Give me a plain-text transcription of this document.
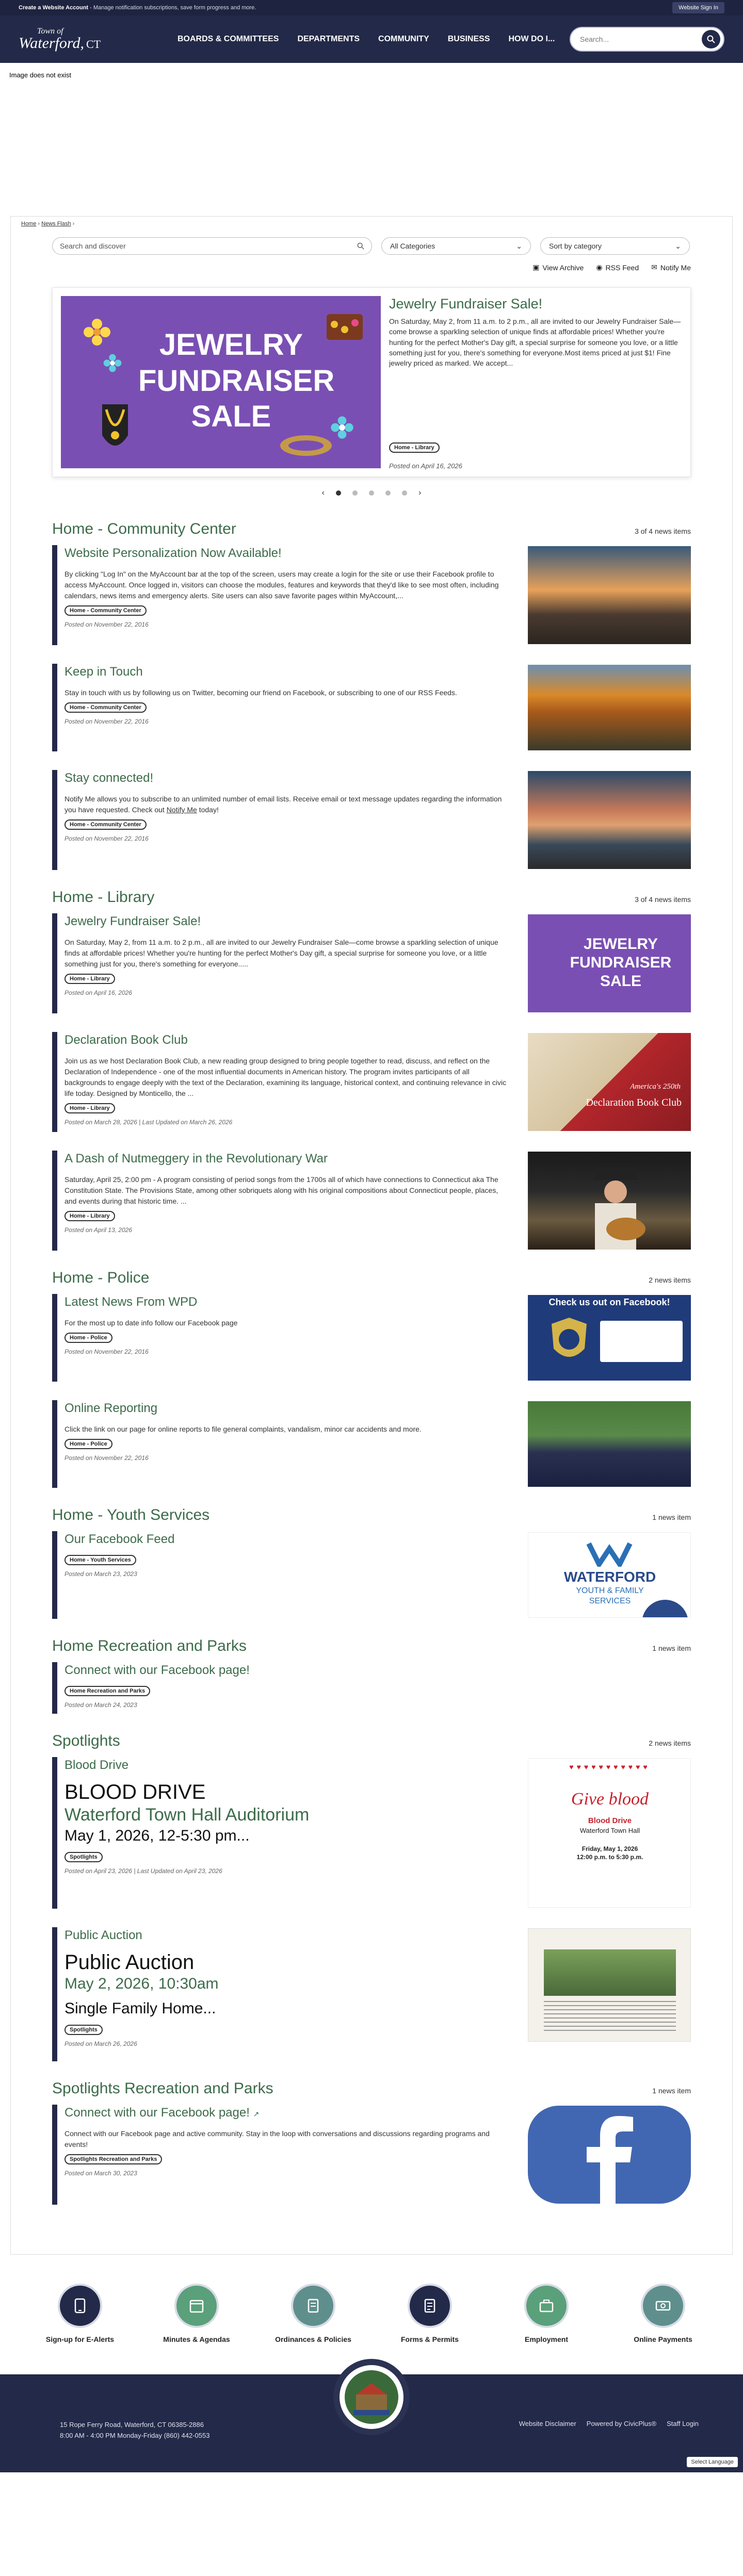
Create a Website Account - Manage notification subscriptions, save form progress and more.	Website Sign In
Town of
Waterford, CT	BOARDS & COMMITTEES	DEPARTMENTS	COMMUNITY	BUSINESS	HOW DO I...
Search...
Image does not exist
Home › News Flash ›
Search and discover	All Categories	⌄	Sort by category	⌄
▣ View Archive ◉ RSS Feed ✉ Notify Me
JEWELRY FUNDRAISER SALE
Jewelry Fundraiser Sale!
On Saturday, May 2, from 11 a.m. to 2 p.m., all are invited to our Jewelry Fundraiser Sale—come browse a sparkling selection of unique finds at affordable prices! Whether you're hunting for the perfect Mother's Day gift, a special surprise for someone you love, or a little something just for you, there's something for everyone.Most items priced at just $1! Fine jewelry priced as marked. We accept...
Home - Library
Posted on April 16, 2026
‹	›
Home - Community Center	3 of 4 news items
Website Personalization Now Available!
By clicking "Log In" on the MyAccount bar at the top of the screen, users may create a login for the site or use their Facebook profile to access MyAccount. Once logged in, visitors can choose the modules, features and keywords that they'd like to see most often, including calendars, news items and emergency alerts. Site users can also save favorite pages within MyAccount,...
Home - Community Center
Posted on November 22, 2016
Keep in Touch
Stay in touch with us by following us on Twitter, becoming our friend on Facebook, or subscribing to one of our RSS Feeds.
Home - Community Center
Posted on November 22, 2016
Stay connected!
Notify Me allows you to subscribe to an unlimited number of email lists. Receive email or text message updates regarding the information you have requested. Check out Notify Me today!
Home - Community Center
Posted on November 22, 2016
Home - Library	3 of 4 news items
Jewelry Fundraiser Sale!
On Saturday, May 2, from 11 a.m. to 2 p.m., all are invited to our Jewelry Fundraiser Sale—come browse a sparkling selection of unique finds at affordable prices! Whether you're hunting for the perfect Mother's Day gift, a special surprise for someone you love, or a little something just for you, there's something for everyone.....
Home - Library
Posted on April 16, 2026
JEWELRY FUNDRAISER SALE
Declaration Book Club
Join us as we host Declaration Book Club, a new reading group designed to bring people together to read, discuss, and reflect on the Declaration of Independence - one of the most influential documents in American history. The program invites participants of all backgrounds to engage deeply with the text of the Declaration, examining its language, historical context, and continuing relevance in civic life today. Designed by Monticello, the ...
Home - Library
Posted on March 28, 2026 | Last Updated on March 26, 2026
America's 250th
Declaration Book Club
A Dash of Nutmeggery in the Revolutionary War
Saturday, April 25, 2:00 pm - A program consisting of period songs from the 1700s all of which have connections to Connecticut aka The Constitution State. The Provisions State, among other sobriquets along with his original compositions about Connecticut people, places, and events during that historic time. ...
Home - Library
Posted on April 13, 2026
Home - Police	2 news items
Latest News From WPD
For the most up to date info follow our Facebook page
Home - Police
Posted on November 22, 2016
Check us out on Facebook!
Online Reporting
Click the link on our page for online reports to file general complaints, vandalism, minor car accidents and more.
Home - Police
Posted on November 22, 2016
Home - Youth Services	1 news item
Our Facebook Feed
Home - Youth Services
Posted on March 23, 2023	WATERFORD
YOUTH & FAMILY
SERVICES
Home Recreation and Parks	1 news item
Connect with our Facebook page!
Home Recreation and Parks
Posted on March 24, 2023
Spotlights	2 news items
Blood Drive
BLOOD DRIVE
Waterford Town Hall Auditorium
May 1, 2026, 12-5:30 pm...
Spotlights
Posted on April 23, 2026 | Last Updated on April 23, 2026
♥♥♥♥♥♥♥♥♥♥♥
Give blood
Blood Drive
Waterford Town Hall
Friday, May 1, 2026
12:00 p.m. to 5:30 p.m.
Public Auction
Public Auction
May 2, 2026, 10:30am
Single Family Home...
Spotlights
Posted on March 26, 2026
Spotlights Recreation and Parks	1 news item
Connect with our Facebook page! ↗
Connect with our Facebook page and active community. Stay in the loop with conversations and discussions regarding programs and events!
Spotlights Recreation and Parks
Posted on March 30, 2023
Sign-up for E-Alerts	Minutes & Agendas	Ordinances & Policies	Forms & Permits	Employment	Online Payments
15 Rope Ferry Road, Waterford, CT 06385-2886
8:00 AM - 4:00 PM Monday-Friday (860) 442-0553
Website Disclaimer Powered by CivicPlus® Staff Login
Select Language
